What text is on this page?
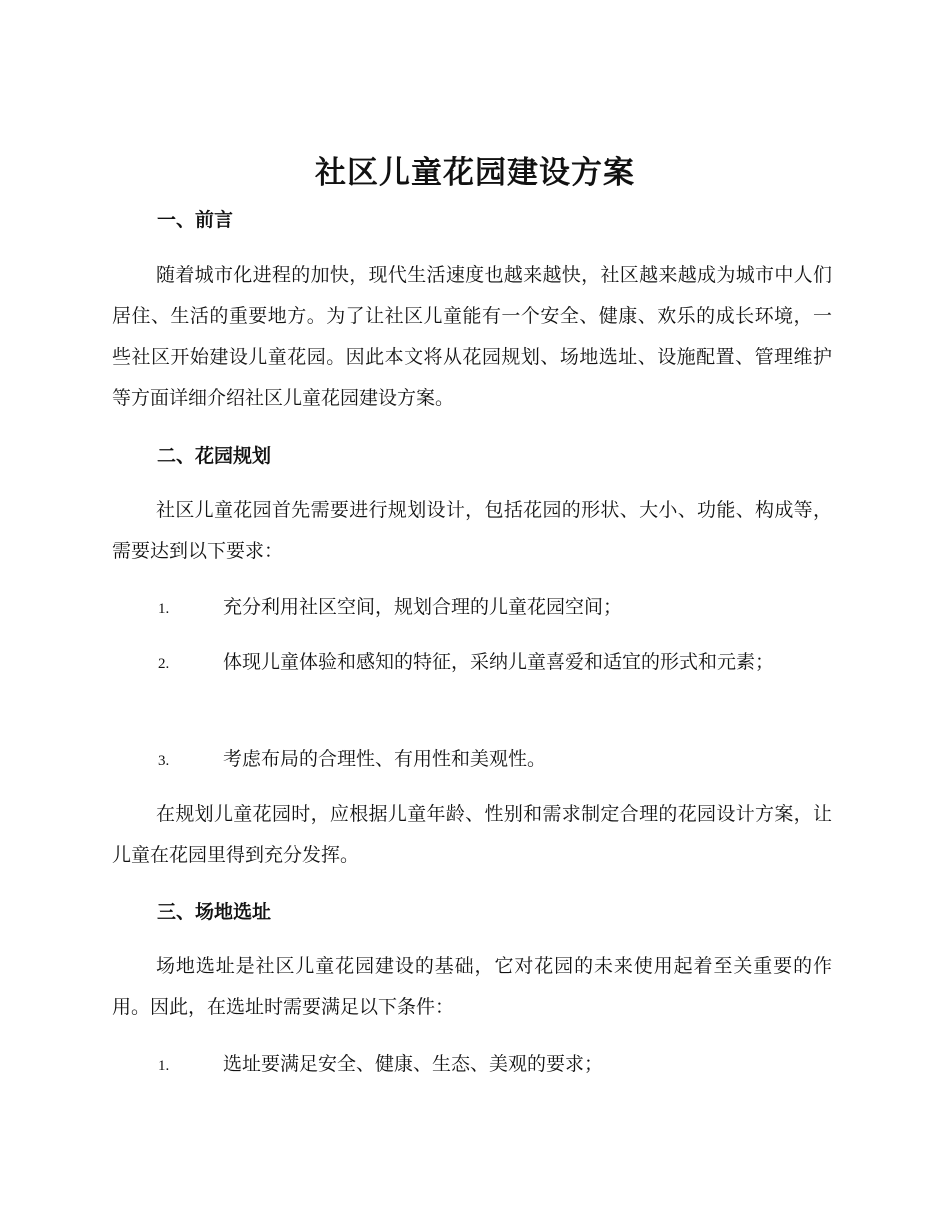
社区儿童花园建设方案
一、前言
随着城市化进程的加快，现代生活速度也越来越快，社区越来越成为城市中人们居住、生活的重要地方。为了让社区儿童能有一个安全、健康、欢乐的成长环境，一些社区开始建设儿童花园。因此本文将从花园规划、场地选址、设施配置、管理维护等方面详细介绍社区儿童花园建设方案。
二、花园规划
社区儿童花园首先需要进行规划设计，包括花园的形状、大小、功能、构成等，需要达到以下要求：
1.	充分利用社区空间，规划合理的儿童花园空间；
2.	体现儿童体验和感知的特征，采纳儿童喜爱和适宜的形式和元素；
3.	考虑布局的合理性、有用性和美观性。
在规划儿童花园时，应根据儿童年龄、性别和需求制定合理的花园设计方案，让儿童在花园里得到充分发挥。
三、场地选址
场地选址是社区儿童花园建设的基础，它对花园的未来使用起着至关重要的作用。因此，在选址时需要满足以下条件：
1.	选址要满足安全、健康、生态、美观的要求；
